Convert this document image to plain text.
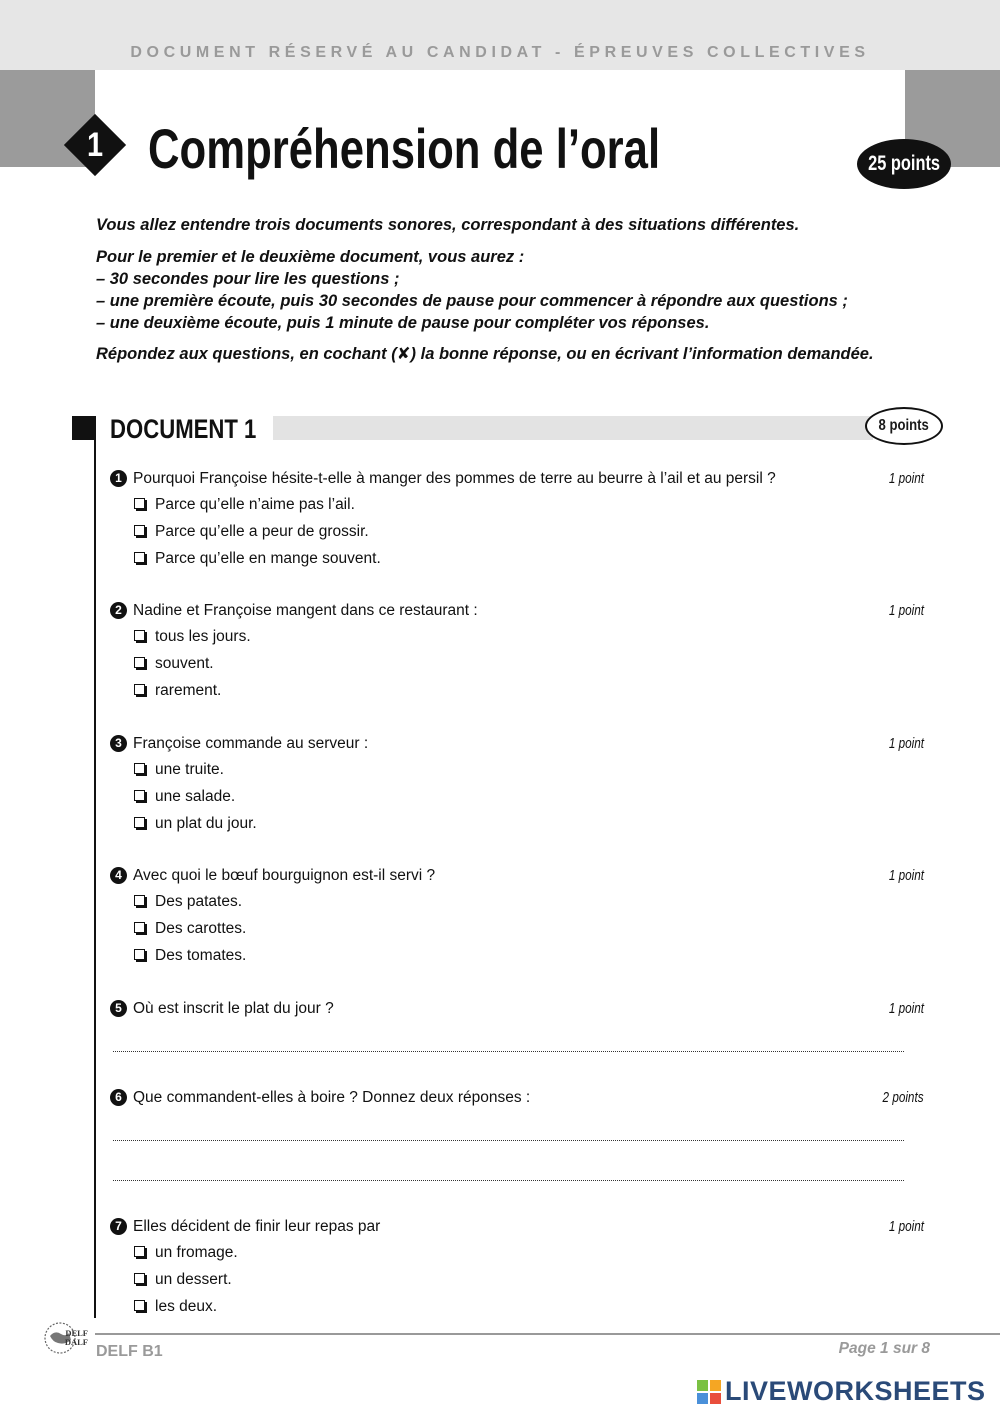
DOCUMENT RÉSERVÉ AU CANDIDAT - ÉPREUVES COLLECTIVES
1 Compréhension de l’oral	25 points

Vous allez entendre trois documents sonores, correspondant à des situations différentes.

Pour le premier et le deuxième document, vous aurez :
– 30 secondes pour lire les questions ;
– une première écoute, puis 30 secondes de pause pour commencer à répondre aux questions ;
– une deuxième écoute, puis 1 minute de pause pour compléter vos réponses.

Répondez aux questions, en cochant (✘) la bonne réponse, ou en écrivant l’information demandée.

DOCUMENT 1	8 points
1 Pourquoi Françoise hésite-t-elle à manger des pommes de terre au beurre à l’ail et au persil ?	1 point
Parce qu’elle n’aime pas l’ail.
Parce qu’elle a peur de grossir.
Parce qu’elle en mange souvent.
2 Nadine et Françoise mangent dans ce restaurant :	1 point
tous les jours.
souvent.
rarement.
3 Françoise commande au serveur :	1 point
une truite.
une salade.
un plat du jour.
4 Avec quoi le bœuf bourguignon est-il servi ?	1 point
Des patates.
Des carottes.
Des tomates.
5 Où est inscrit le plat du jour ?	1 point
6 Que commandent-elles à boire ? Donnez deux réponses :	2 points
7 Elles décident de finir leur repas par	1 point
un fromage.
un dessert.
les deux.
DELF
DALF
DELF B1	Page 1 sur 8
LIVEWORKSHEETS
